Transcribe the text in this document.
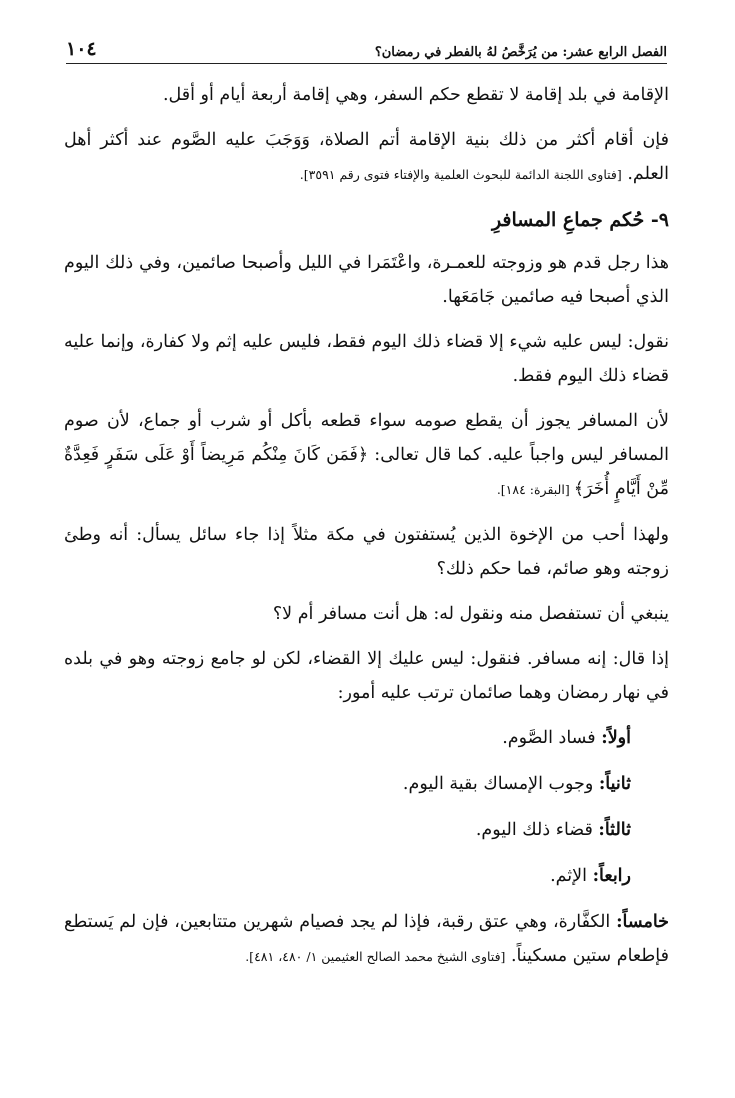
الفصل الرابع عشر: من يُرَخَّصُ لهُ بالفطر في رمضان؟
١٠٤

الإقامة في بلد إقامة لا تقطع حكم السفر، وهي إقامة أربعة أيام أو أقل.

فإن أقام أكثر من ذلك بنية الإقامة أتم الصلاة، وَوَجَبَ عليه الصَّوم عند أكثر أهل العلم. [فتاوى اللجنة الدائمة للبحوث العلمية والإفتاء فتوى رقم ٣٥٩١].

٩- حُكم جماعِ المسافرِ

هذا رجل قدم هو وزوجته للعمـرة، واعْتَمَرا في الليل وأصبحا صائمين، وفي ذلك اليوم الذي أصبحا فيه صائمين جَامَعَها.

نقول: ليس عليه شيء إلا قضاء ذلك اليوم فقط، فليس عليه إثم ولا كفارة، وإنما عليه قضاء ذلك اليوم فقط.

لأن المسافر يجوز أن يقطع صومه سواء قطعه بأكل أو شرب أو جماع، لأن صوم المسافر ليس واجباً عليه. كما قال تعالى: ﴿فَمَن كَانَ مِنْكُم مَرِيضاً أَوْ عَلَى سَفَرٍ فَعِدَّةٌ مِّنْ أَيَّامٍ أُخَرَ﴾ [البقرة: ١٨٤].

ولهذا أحب من الإخوة الذين يُستفتون في مكة مثلاً إذا جاء سائل يسأل: أنه وطئ زوجته وهو صائم، فما حكم ذلك؟

ينبغي أن تستفصل منه ونقول له: هل أنت مسافر أم لا؟

إذا قال: إنه مسافر. فنقول: ليس عليك إلا القضاء، لكن لو جامع زوجته وهو في بلده في نهار رمضان وهما صائمان ترتب عليه أمور:

أولاً: فساد الصَّوم.

ثانياً: وجوب الإمساك بقية اليوم.

ثالثاً: قضاء ذلك اليوم.

رابعاً: الإثم.

خامساً: الكفَّارة، وهي عتق رقبة، فإذا لم يجد فصيام شهرين متتابعين، فإن لم يَستطع فإطعام ستين مسكيناً. [فتاوى الشيخ محمد الصالح العثيمين ١/ ٤٨٠، ٤٨١].
